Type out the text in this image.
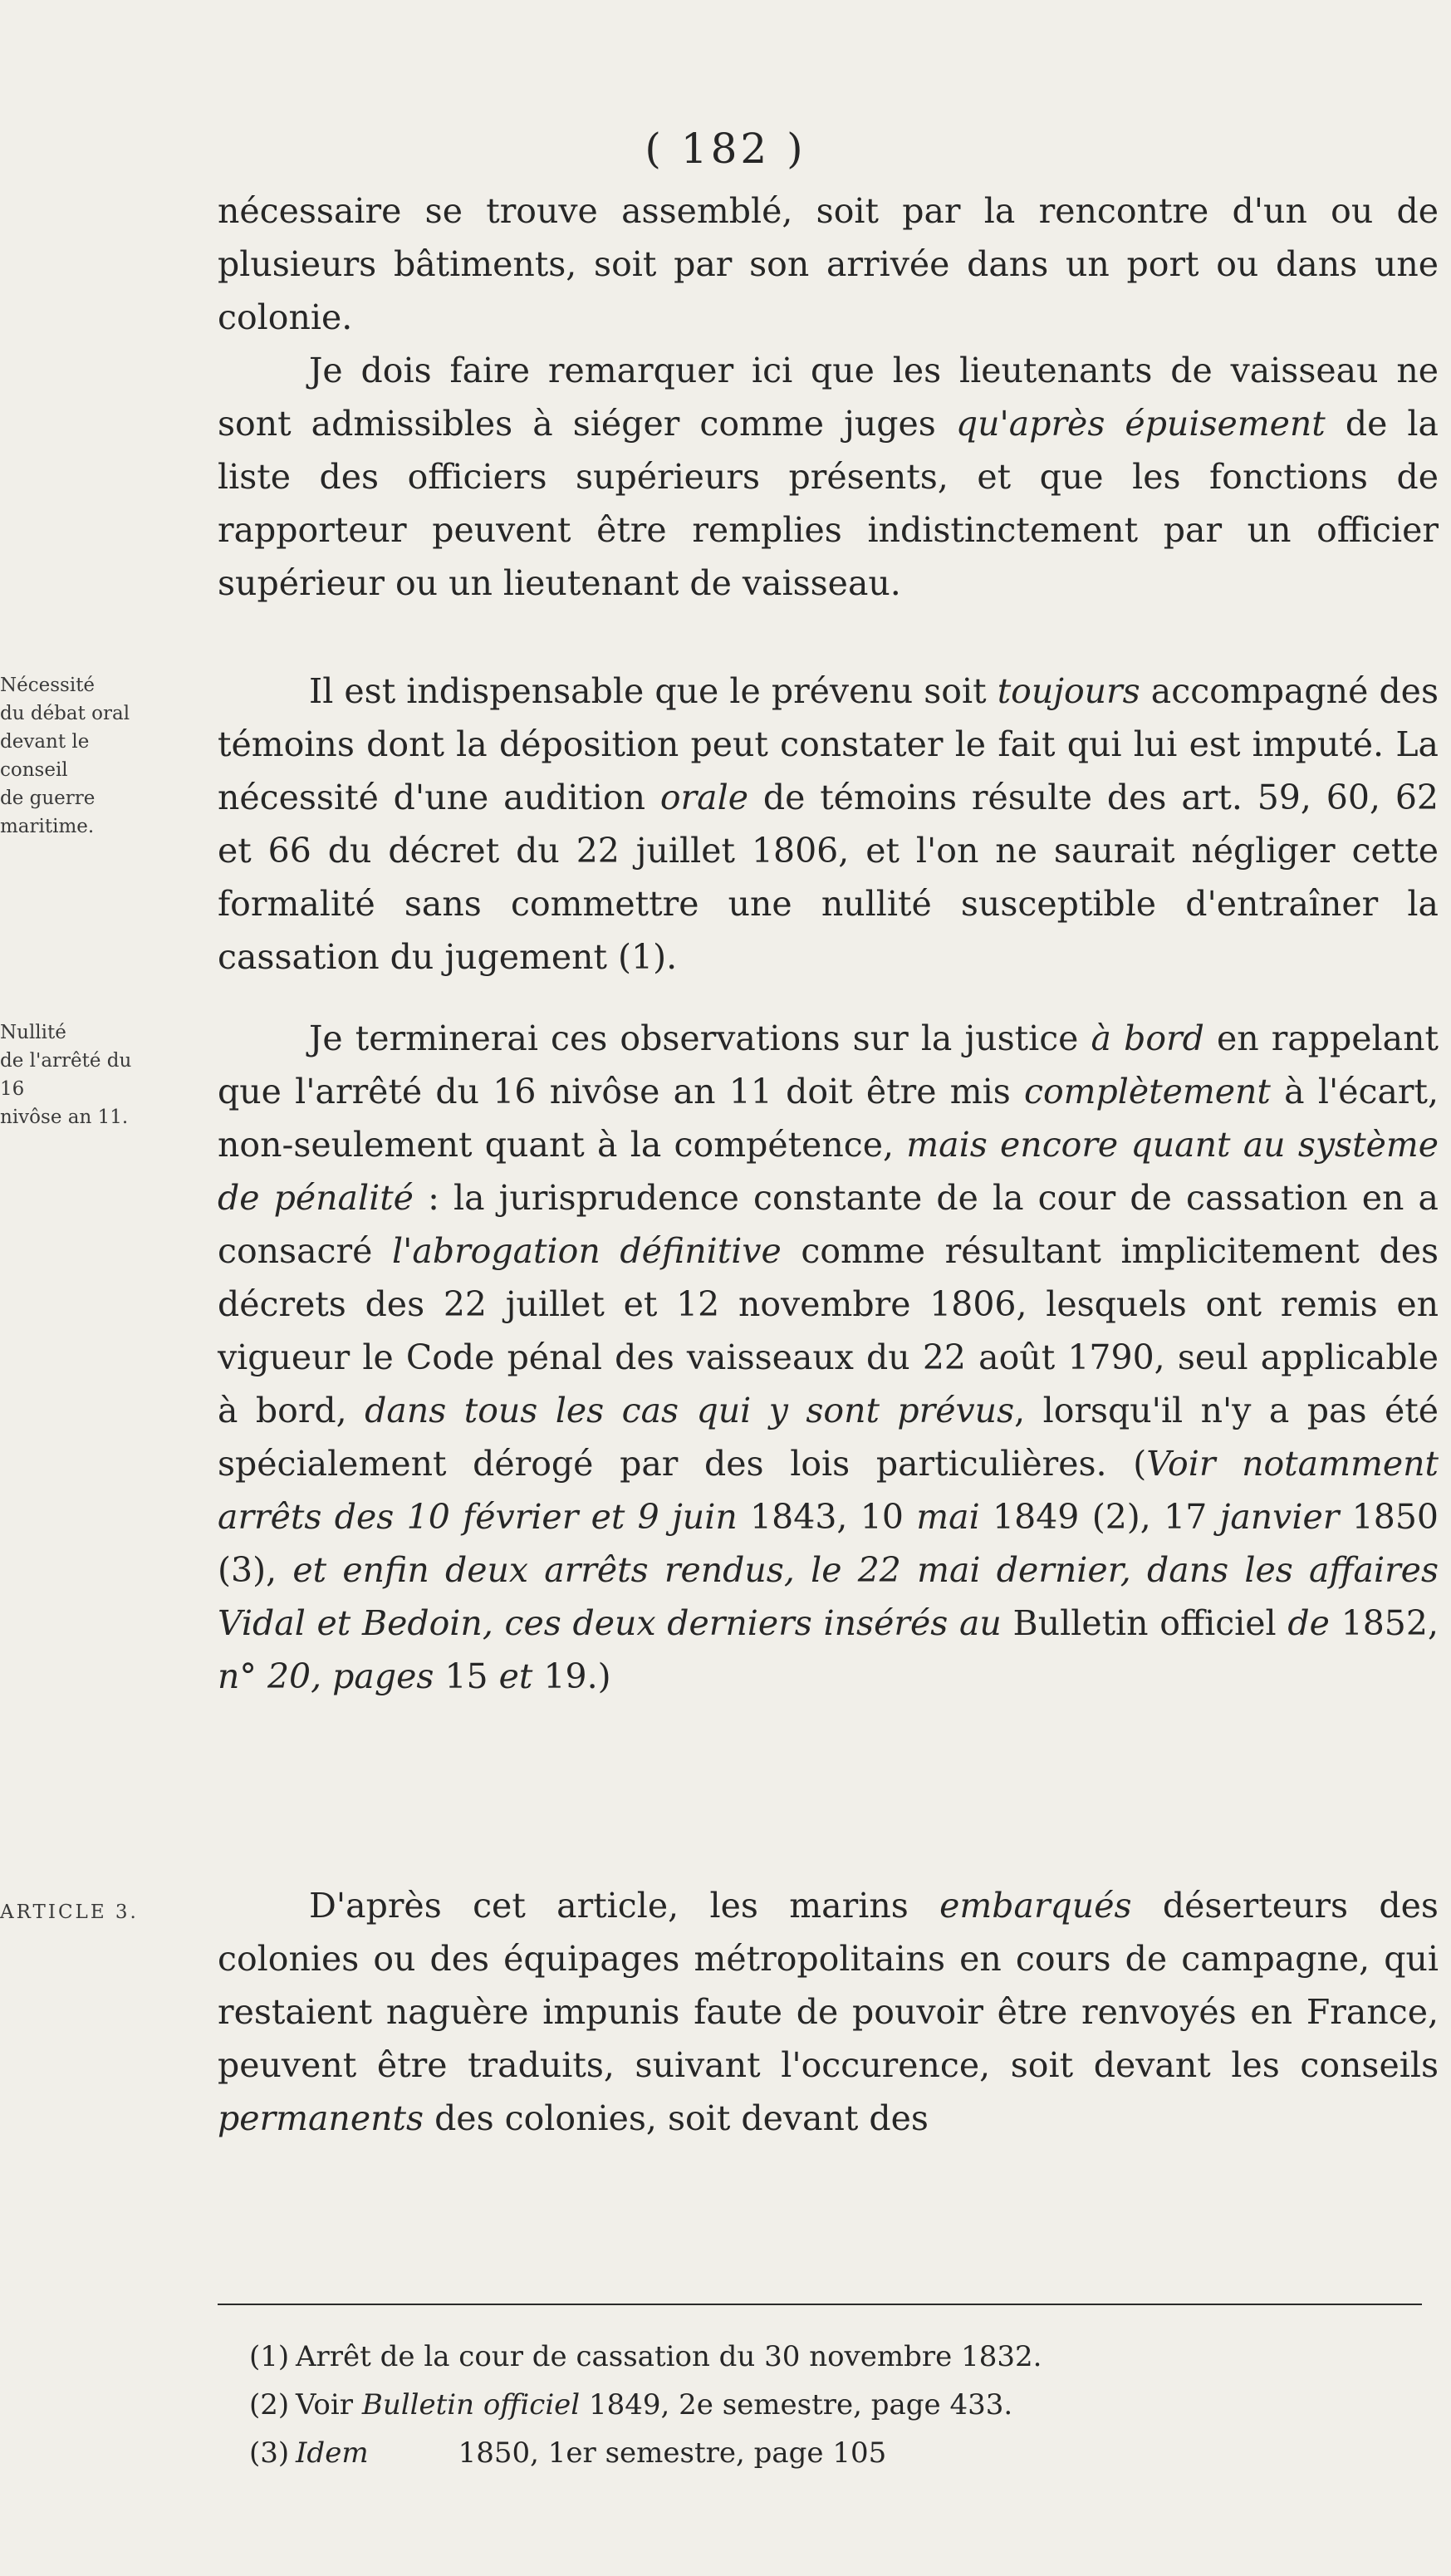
( 182 )

nécessaire se trouve assemblé, soit par la rencontre d'un ou de plusieurs bâtiments, soit par son arrivée dans un port ou dans une colonie.

Je dois faire remarquer ici que les lieutenants de vaisseau ne sont admissibles à siéger comme juges qu'après épuisement de la liste des officiers supérieurs présents, et que les fonctions de rapporteur peuvent être remplies indistinctement par un officier supérieur ou un lieutenant de vaisseau.

Nécessité
du débat oral
devant le conseil
de guerre
maritime.

Il est indispensable que le prévenu soit toujours accompagné des témoins dont la déposition peut constater le fait qui lui est imputé. La nécessité d'une audition orale de témoins résulte des art. 59, 60, 62 et 66 du décret du 22 juillet 1806, et l'on ne saurait négliger cette formalité sans commettre une nullité susceptible d'entraîner la cassation du jugement (1).

Nullité
de l'arrêté du 16
nivôse an 11.

Je terminerai ces observations sur la justice à bord en rappelant que l'arrêté du 16 nivôse an 11 doit être mis complètement à l'écart, non-seulement quant à la compétence, mais encore quant au système de pénalité : la jurisprudence constante de la cour de cassation en a consacré l'abrogation définitive comme résultant implicitement des décrets des 22 juillet et 12 novembre 1806, lesquels ont remis en vigueur le Code pénal des vaisseaux du 22 août 1790, seul applicable à bord, dans tous les cas qui y sont prévus, lorsqu'il n'y a pas été spécialement dérogé par des lois particulières. (Voir notamment arrêts des 10 février et 9 juin 1843, 10 mai 1849 (2), 17 janvier 1850 (3), et enfin deux arrêts rendus, le 22 mai dernier, dans les affaires Vidal et Bedoin, ces deux derniers insérés au Bulletin officiel de 1852, n° 20, pages 15 et 19.)

ARTICLE 3.	D'après cet article, les marins embarqués déserteurs des colonies ou des équipages métropolitains en cours de campagne, qui restaient naguère impunis faute de pouvoir être renvoyés en France, peuvent être traduits, suivant l'occurence, soit devant les conseils permanents des colonies, soit devant des

(1) Arrêt de la cour de cassation du 30 novembre 1832.
(2) Voir Bulletin officiel 1849, 2e semestre, page 433.
(3) Idem          1850, 1er semestre, page 105
